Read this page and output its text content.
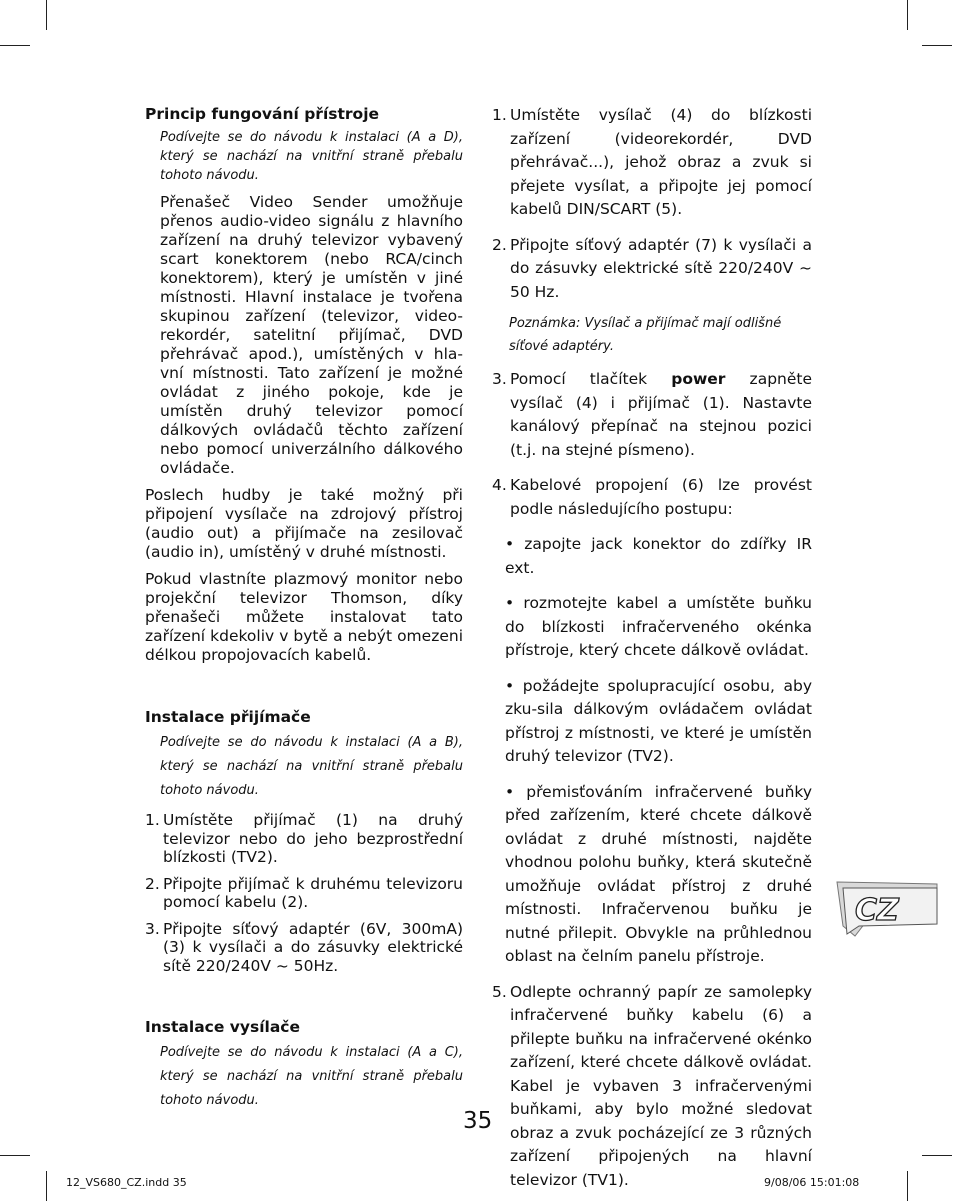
Princip fungování přístroje
Podívejte se do návodu k instalaci (A a D), který se nachází na vnitřní straně přebalu tohoto návodu.

Přenašeč Video Sender umožňuje přenos audio-video signálu z hlavního zařízení na druhý televizor vybavený scart konektorem (nebo RCA/cinch konektorem), který je umístěn v jiné místnosti. Hlavní instalace je tvořena skupinou zařízení (televizor, video-rekordér, satelitní přijímač, DVD přehrávač apod.), umístěných v hla-vní místnosti. Tato zařízení je možné ovládat z jiného pokoje, kde je umístěn druhý televizor pomocí dálkových ovládačů těchto zařízení nebo pomocí univerzálního dálkového ovládače.

Poslech hudby je také možný při připojení vysílače na zdrojový přístroj (audio out) a přijímače na zesilovač (audio in), umístěný v druhé místnosti.

Pokud vlastníte plazmový monitor nebo projekční televizor Thomson, díky přenašeči můžete instalovat tato zařízení kdekoliv v bytě a nebýt omezeni délkou propojovacích kabelů.

Instalace přijímače
Podívejte se do návodu k instalaci (A a B), který se nachází na vnitřní straně přebalu tohoto návodu.
1. Umístěte přijímač (1) na druhý televizor nebo do jeho bezprostřední blízkosti (TV2).
2. Připojte přijímač k druhému televizoru pomocí kabelu (2).
3. Připojte síťový adaptér (6V, 300mA) (3) k vysílači a do zásuvky elektrické sítě 220/240V ~ 50Hz.
Instalace vysílače
Podívejte se do návodu k instalaci (A a C), který se nachází na vnitřní straně přebalu tohoto návodu.
1. Umístěte vysílač (4) do blízkosti zařízení (videorekordér, DVD přehrávač...), jehož obraz a zvuk si přejete vysílat, a připojte jej pomocí kabelů DIN/SCART (5).
2. Připojte síťový adaptér (7) k vysílači a do zásuvky elektrické sítě 220/240V ~ 50 Hz.
Poznámka: Vysílač a přijímač mají odlišné síťové adaptéry.
3. Pomocí tlačítek power zapněte vysílač (4) i přijímač (1). Nastavte kanálový přepínač na stejnou pozici (t.j. na stejné písmeno).
4. Kabelové propojení (6) lze provést podle následujícího postupu:
• zapojte jack konektor do zdířky IR ext.
• rozmotejte kabel a umístěte buňku do blízkosti infračerveného okénka přístroje, který chcete dálkově ovládat.
• požádejte spolupracující osobu, aby zku-sila dálkovým ovládačem ovládat přístroj z místnosti, ve které je umístěn druhý televizor (TV2).
• přemisťováním infračervené buňky před zařízením, které chcete dálkově ovládat z druhé místnosti, najděte vhodnou polohu buňky, která skutečně umožňuje ovládat přístroj z druhé místnosti. Infračervenou buňku je nutné přilepit. Obvykle na průhlednou oblast na čelním panelu přístroje.
5. Odlepte ochranný papír ze samolepky infračervené buňky kabelu (6) a přilepte buňku na infračervené okénko zařízení, které chcete dálkově ovládat. Kabel je vybaven 3 infračervenými buňkami, aby bylo možné sledovat obraz a zvuk pocházející ze 3 různých zařízení připojených na hlavní televizor (TV1).
CZ
35
12_VS680_CZ.indd 35	9/08/06 15:01:08
